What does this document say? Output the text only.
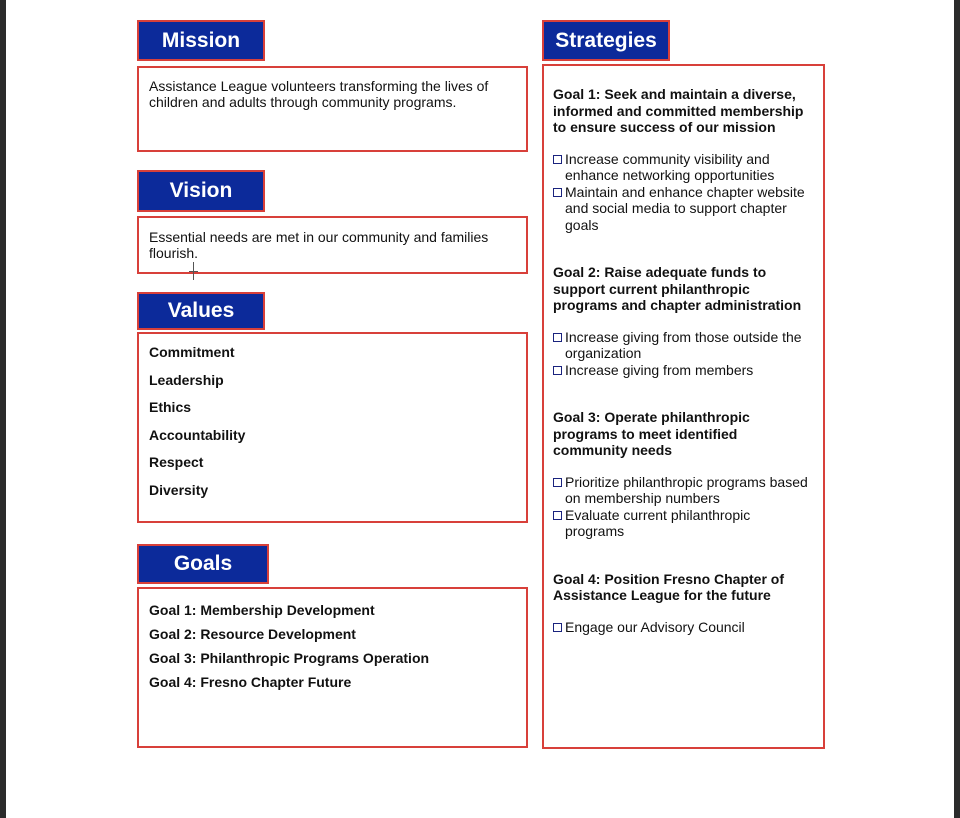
Mission
Assistance League volunteers transforming the lives of children and adults through community programs.
Vision
Essential needs are met in our community and families flourish.
Values
Commitment
Leadership
Ethics
Accountability
Respect
Diversity
Goals
Goal 1: Membership Development
Goal 2: Resource Development
Goal 3: Philanthropic Programs Operation
Goal 4: Fresno Chapter Future
Strategies
Goal 1: Seek and maintain a diverse, informed and committed membership to ensure success of our mission
Increase community visibility and enhance networking opportunities
Maintain and enhance chapter website and social media to support chapter goals
Goal 2: Raise adequate funds to support current philanthropic programs and chapter administration
Increase giving from those outside the organization
Increase giving from members
Goal 3: Operate philanthropic programs to meet identified community needs
Prioritize philanthropic programs based on membership numbers
Evaluate current philanthropic programs
Goal 4: Position Fresno Chapter of Assistance League for the future
Engage our Advisory Council
